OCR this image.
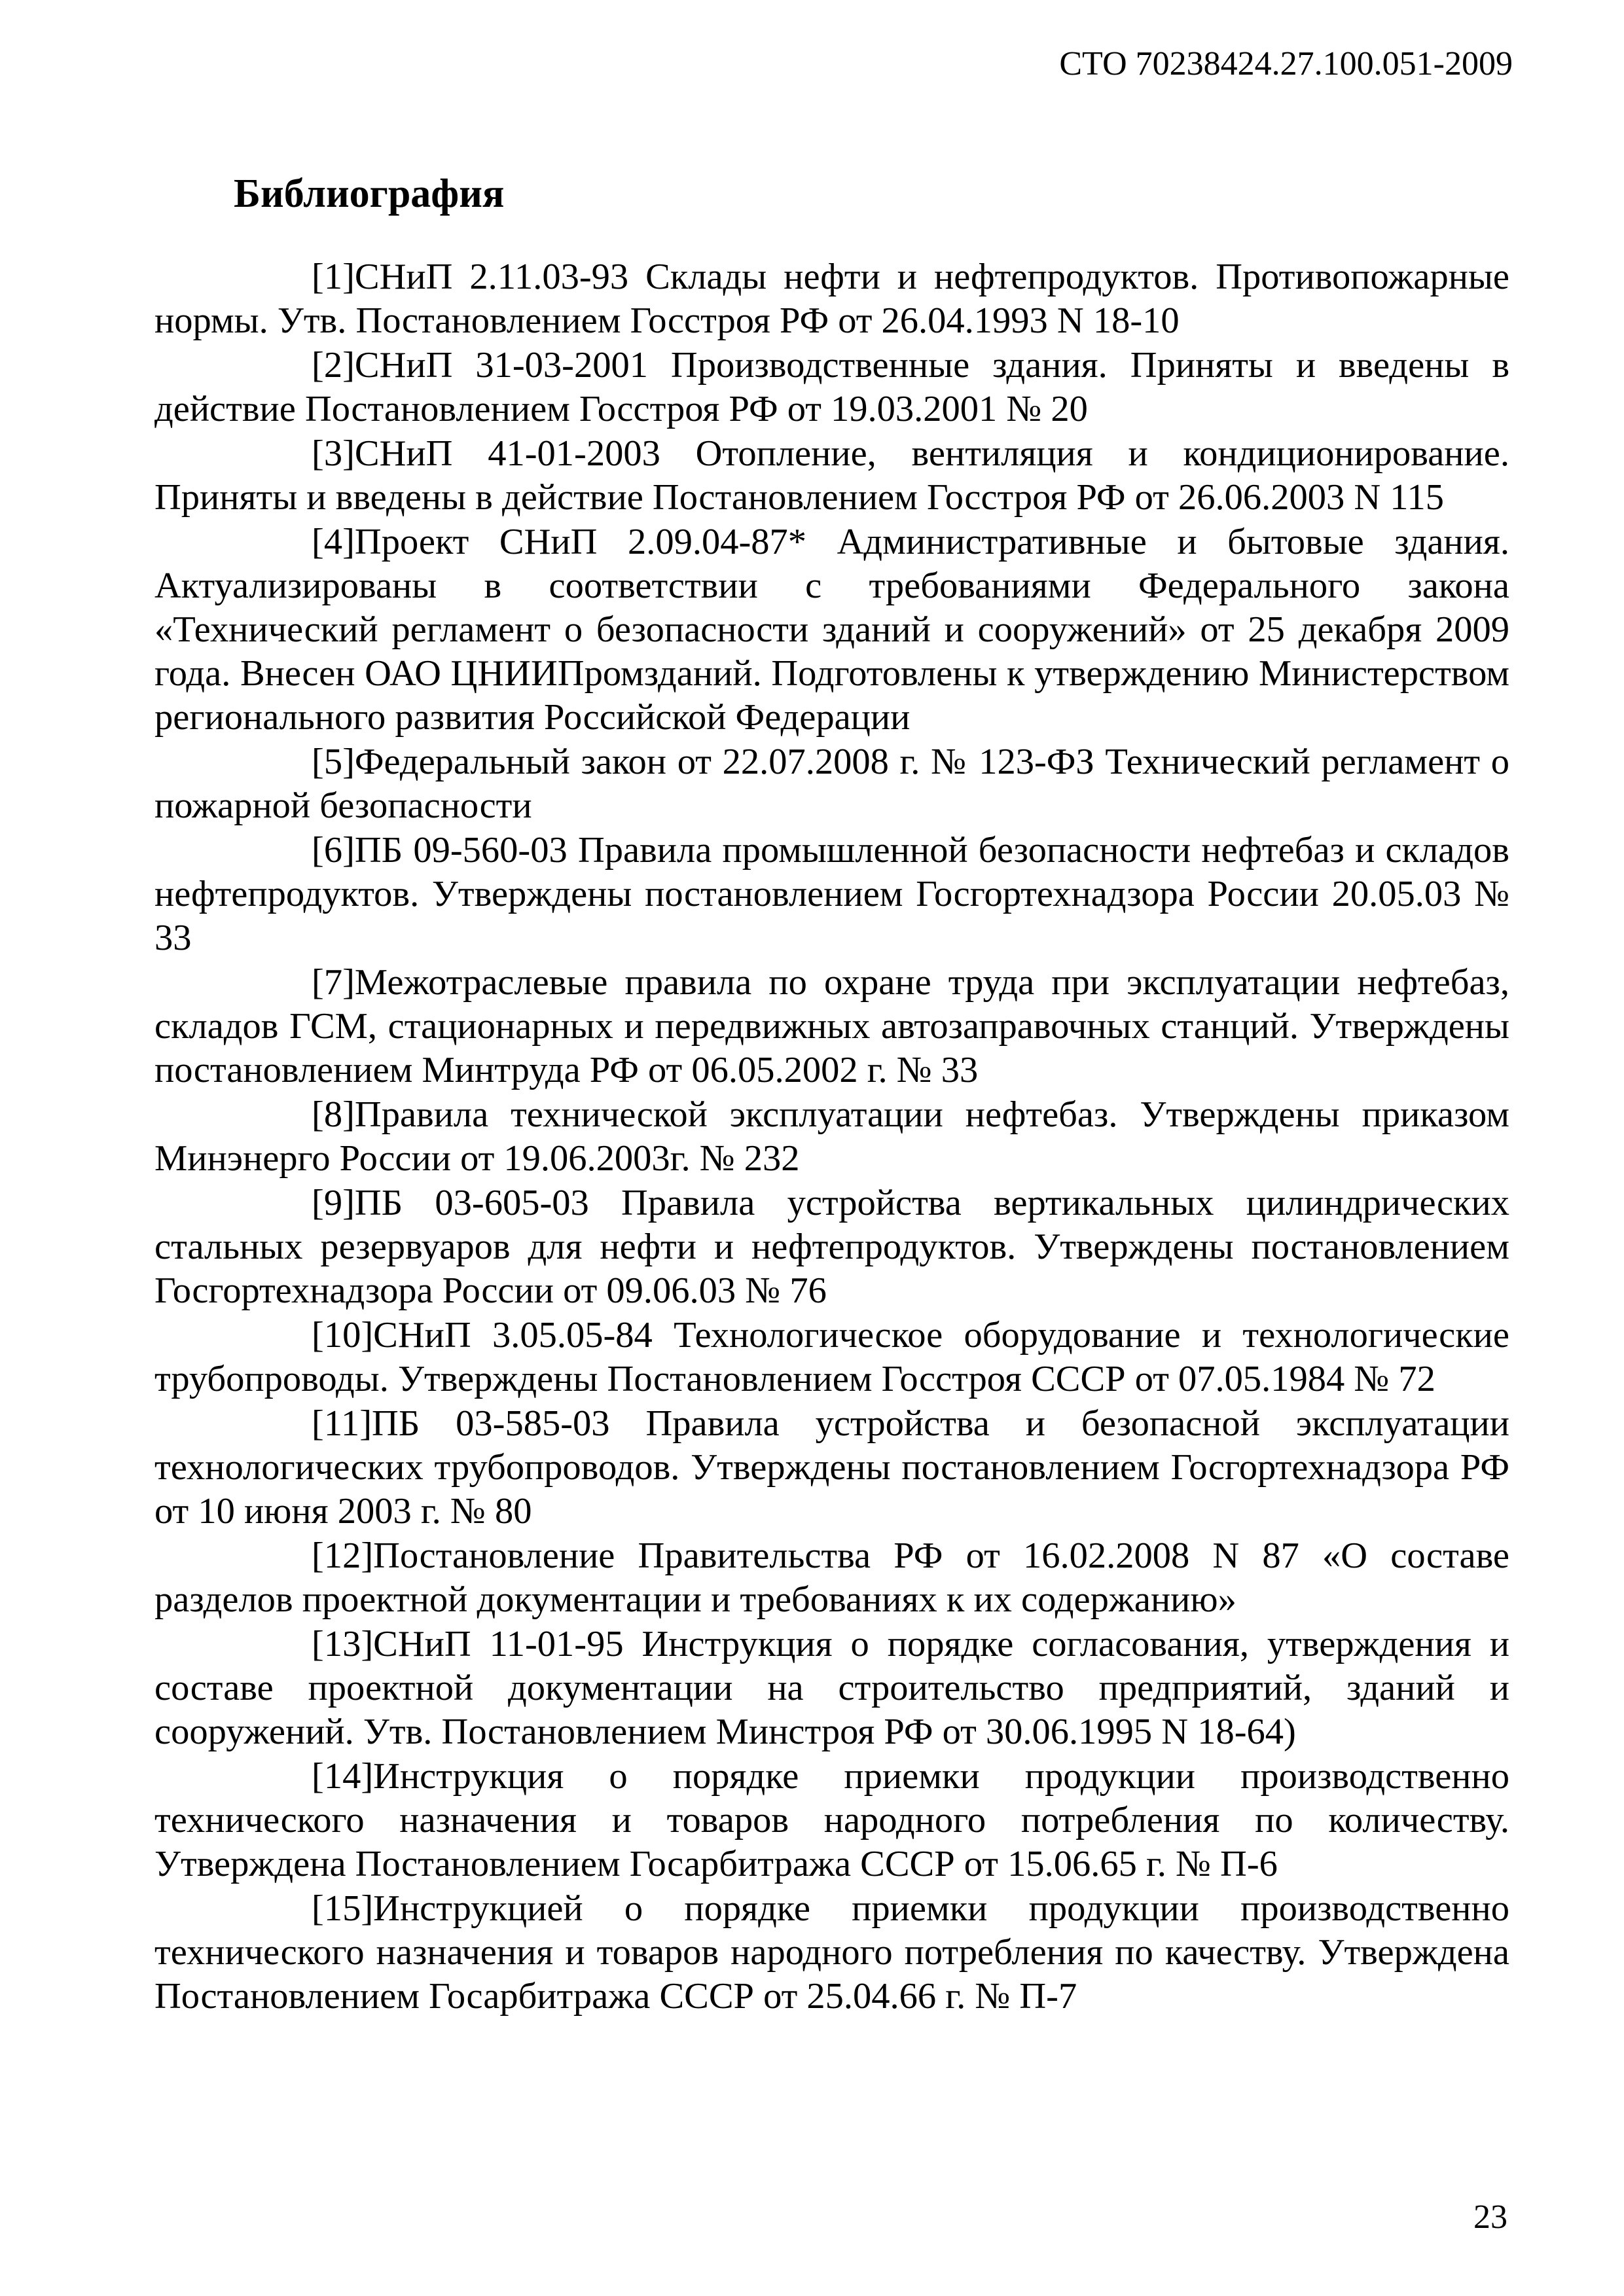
СТО 70238424.27.100.051-2009
Библиография

[1]СНиП 2.11.03-93 Склады нефти и нефтепродуктов. Противопожарные нормы. Утв. Постановлением Госстроя РФ от 26.04.1993 N 18-10

[2]СНиП 31-03-2001 Производственные здания. Приняты и введены в действие Постановлением Госстроя РФ от 19.03.2001 № 20

[3]СНиП 41-01-2003 Отопление, вентиляция и кондиционирование. Приняты и введены в действие Постановлением Госстроя РФ от 26.06.2003 N 115

[4]Проект СНиП 2.09.04-87* Административные и бытовые здания. Актуализированы в соответствии с требованиями Федерального закона «Технический регламент о безопасности зданий и сооружений» от 25 декабря 2009 года. Внесен ОАО ЦНИИПромзданий. Подготовлены к утверждению Министерством регионального развития Российской Федерации

[5]Федеральный закон от 22.07.2008 г. № 123-ФЗ Технический регламент о пожарной безопасности

[6]ПБ 09-560-03 Правила промышленной безопасности нефтебаз и складов нефтепродуктов. Утверждены постановлением Госгортехнадзора России 20.05.03 № 33

[7]Межотраслевые правила по охране труда при эксплуатации нефтебаз, складов ГСМ, стационарных и передвижных автозаправочных станций. Утверждены постановлением Минтруда РФ от 06.05.2002 г. № 33

[8]Правила технической эксплуатации нефтебаз. Утверждены приказом Минэнерго России от 19.06.2003г. № 232

[9]ПБ 03-605-03 Правила устройства вертикальных цилиндрических стальных резервуаров для нефти и нефтепродуктов. Утверждены постановлением Госгортехнадзора России от 09.06.03 № 76

[10]СНиП 3.05.05-84 Технологическое оборудование и технологические трубопроводы. Утверждены Постановлением Госстроя СССР от 07.05.1984 № 72

[11]ПБ 03-585-03 Правила устройства и безопасной эксплуатации технологических трубопроводов. Утверждены постановлением Госгортехнадзора РФ от 10 июня 2003 г. № 80

[12]Постановление Правительства РФ от 16.02.2008 N 87 «О составе разделов проектной документации и требованиях к их содержанию»

[13]СНиП 11-01-95 Инструкция о порядке согласования, утверждения и составе проектной документации на строительство предприятий, зданий и сооружений. Утв. Постановлением Минстроя РФ от 30.06.1995 N 18-64)

[14]Инструкция о порядке приемки продукции производственно технического назначения и товаров народного потребления по количеству. Утверждена Постановлением Госарбитража СССР от 15.06.65 г. № П-6

[15]Инструкцией о порядке приемки продукции производственно технического назначения и товаров народного потребления по качеству. Утверждена Постановлением Госарбитража СССР от 25.04.66 г. № П-7

23
